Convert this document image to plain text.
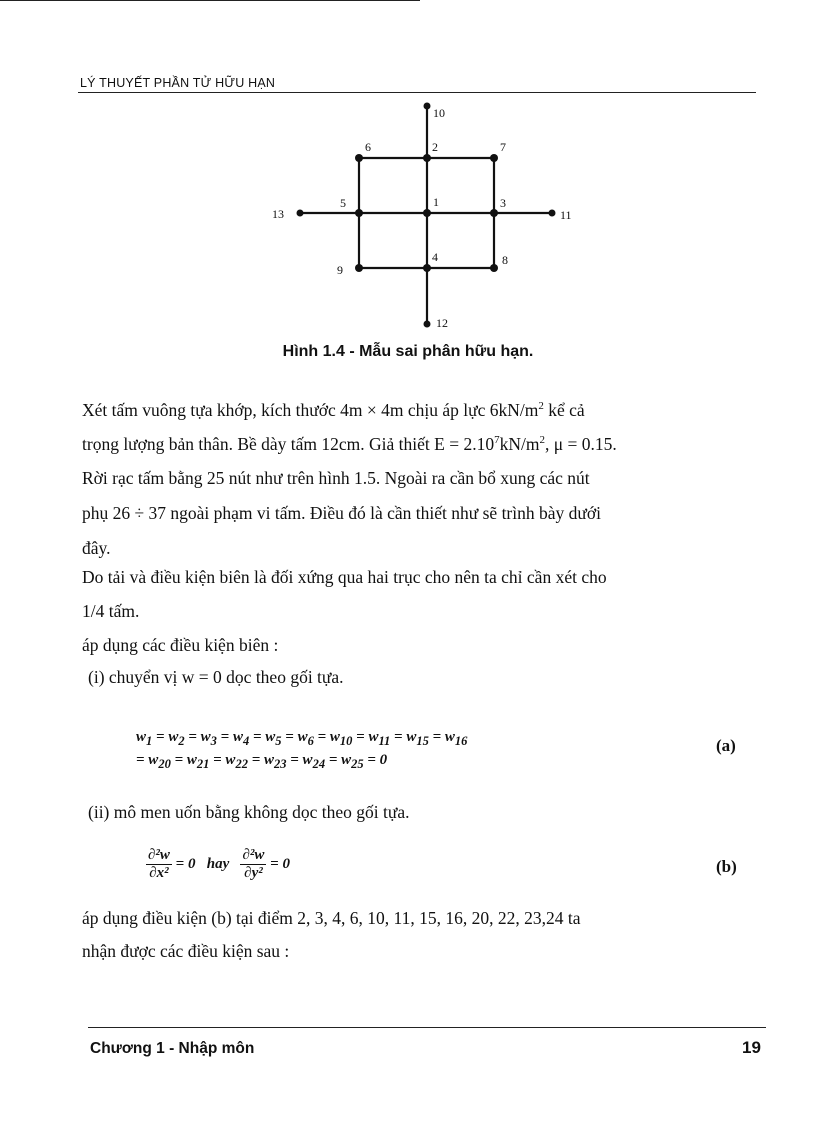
LÝ THUYẾT PHẦN TỬ HỮU HẠN
1
2
3
4
5
6	7
8
9
10
11
12
13
Hình 1.4 - Mẫu sai phân hữu hạn.
Xét tấm vuông tựa khớp, kích thước 4m × 4m chịu áp lực $6kN/m^2$ kể cả
trọng lượng bản thân. Bề dày tấm 12cm. Giả thiết $E = 2.10^7kN/m^2$, μ = 0.15.
Rời rạc tấm bằng 25 nút như trên hình 1.5. Ngoài ra cần bổ xung các nút
phụ 26 ÷ 37 ngoài phạm vi tấm. Điều đó là cần thiết như sẽ trình bày dưới
đây.
Do tải và điều kiện biên là đối xứng qua hai trục cho nên ta chỉ cần xét cho
1/4 tấm.
áp dụng các điều kiện biên :
(i) chuyển vị w = 0 dọc theo gối tựa.
$w_1 = w_2 = w_3 = w_4 = w_5 = w_6 = w_{10} = w_{11} = w_{15} = w_{16}$
= $w_{20} = w_{21} = w_{22} = w_{23} = w_{24} = w_{25} = 0$
(a)
(ii) mô men uốn bằng không dọc theo gối tựa.
$\frac{\text{∂²w}}{\text{∂x²}} = 0$ hay $\frac{\text{∂²w}}{\text{∂y²}} = 0$	(b)
áp dụng điều kiện (b) tại điểm 2, 3, 4, 6, 10, 11, 15, 16, 20, 22, 23,24 ta
nhận được các điều kiện sau :
Chương 1 - Nhập môn	19
